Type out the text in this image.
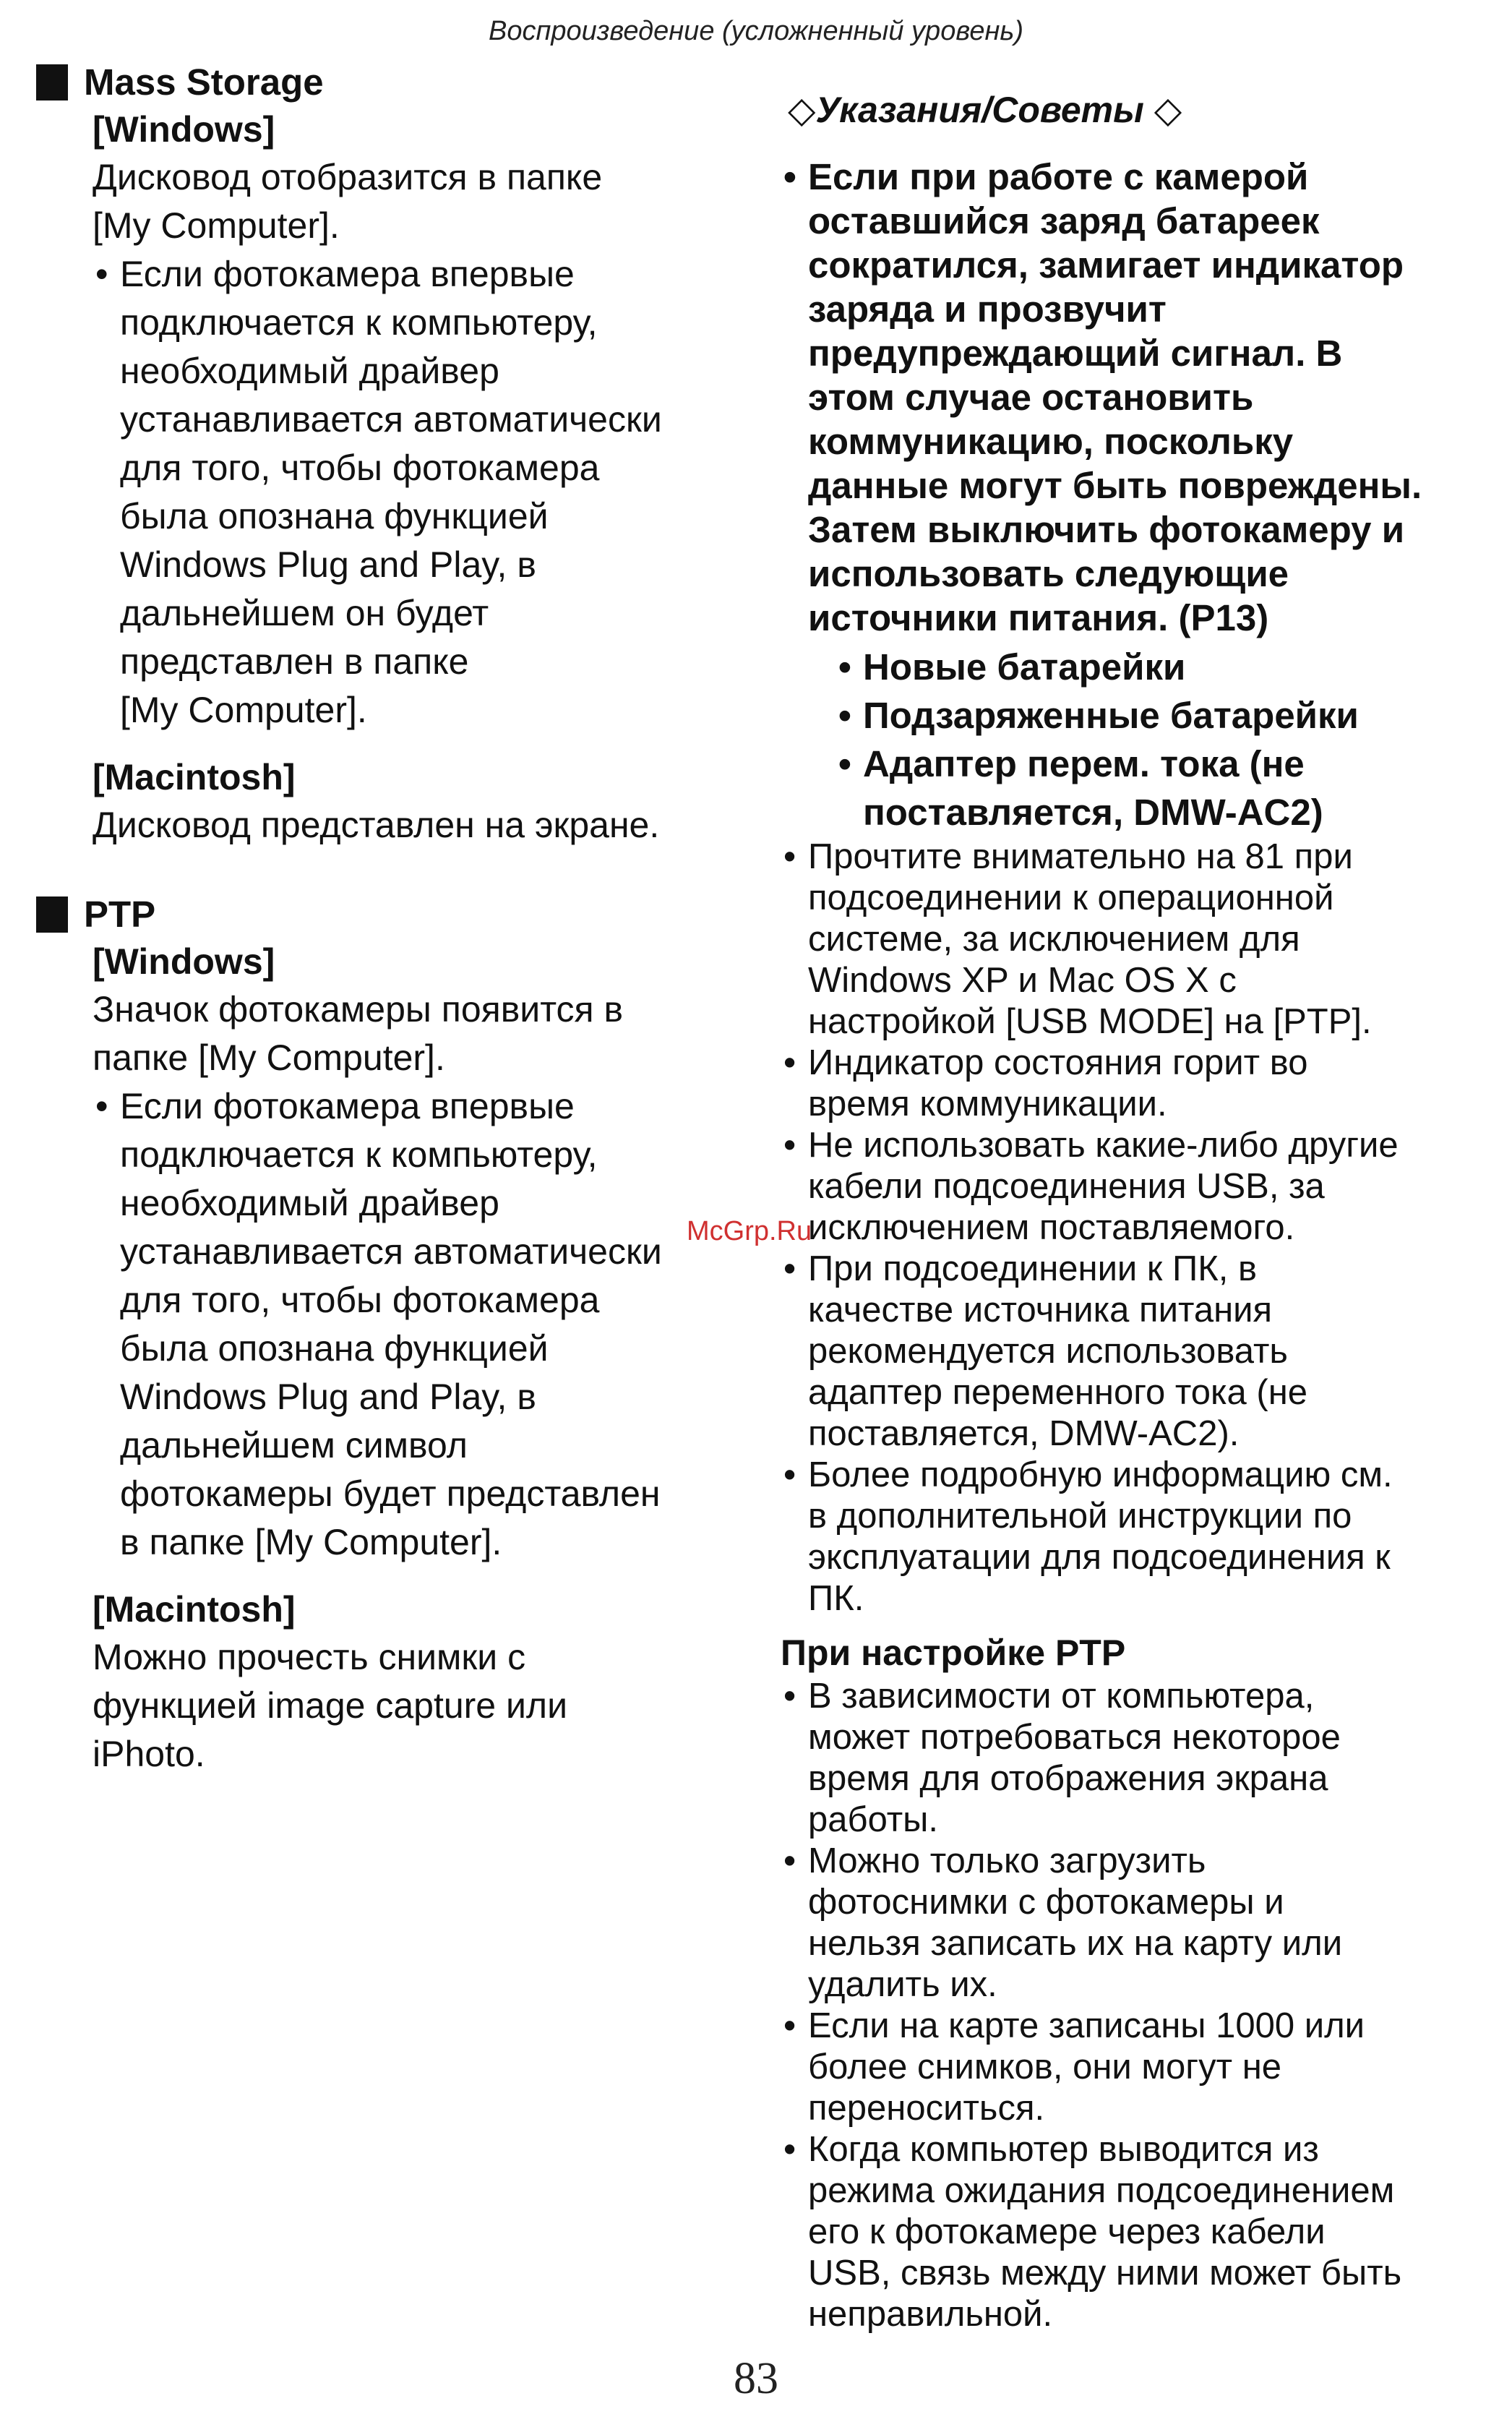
Воспроизведение (усложненный уровень)
Mass Storage
[Windows]
Дисковод отобразится в папке
[My Computer].
• Если фотокамера впервые
подключается к компьютеру,
необходимый драйвер
устанавливается автоматически
для того, чтобы фотокамера
была опознана функцией
Windows Plug and Play, в
дальнейшем он будет
представлен в папке
[My Computer].
[Macintosh]
Дисковод представлен на экране.
PTP
[Windows]
Значок фотокамеры появится в
папке [My Computer].
• Если фотокамера впервые
подключается к компьютеру,
необходимый драйвер
устанавливается автоматически
для того, чтобы фотокамера
была опознана функцией
Windows Plug and Play, в
дальнейшем символ
фотокамеры будет представлен
в папке [My Computer].
[Macintosh]
Можно прочесть снимки с
функцией image capture или
iPhoto.
◇Указания/Советы ◇
• Если при работе с камерой
оставшийся заряд батареек
сократился, замигает индикатор
заряда и прозвучит
предупреждающий сигнал. В
этом случае остановить
коммуникацию, поскольку
данные могут быть повреждены.
Затем выключить фотокамеру и
использовать следующие
источники питания. (P13)
• Новые батарейки
• Подзаряженные батарейки
• Адаптер перем. тока (не
поставляется, DMW-AC2)
• Прочтите внимательно на 81 при
подсоединении к операционной
системе, за исключением для
Windows XP и Mac OS X с
настройкой [USB MODE] на [PTP].
• Индикатор состояния горит во
время коммуникации.
• Не использовать какие-либо другие
кабели подсоединения USB, за
исключением поставляемого.
• При подсоединении к ПК, в
качестве источника питания
рекомендуется использовать
адаптер переменного тока (не
поставляется, DMW-AC2).
• Более подробную информацию см.
в дополнительной инструкции по
эксплуатации для подсоединения к
ПК.
При настройке PTP
• В зависимости от компьютера,
может потребоваться некоторое
время для отображения экрана
работы.
• Можно только загрузить
фотоснимки с фотокамеры и
нельзя записать их на карту или
удалить их.
• Если на карте записаны 1000 или
более снимков, они могут не
переноситься.
• Когда компьютер выводится из
режима ожидания подсоединением
его к фотокамере через кабели
USB, связь между ними может быть
неправильной.
McGrp.Ru
83
